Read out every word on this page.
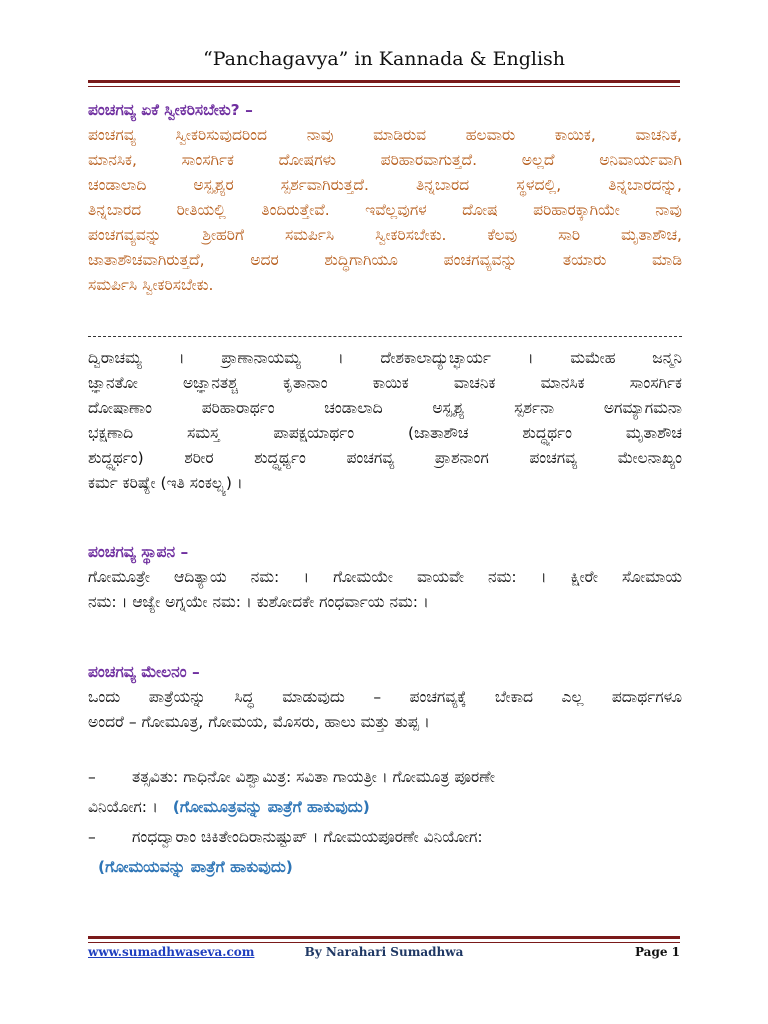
“Panchagavya” in Kannada & English
ಪಂಚಗವ್ಯ ಏಕೆ ಸ್ವೀಕರಿಸಬೇಕು? –
ಪಂಚಗವ್ಯ ಸ್ವೀಕರಿಸುವುದರಿಂದ ನಾವು ಮಾಡಿರುವ ಹಲವಾರು ಕಾಯಿಕ, ವಾಚನಿಕ,
ಮಾನಸಿಕ, ಸಾಂಸರ್ಗಿಕ ದೋಷಗಳು ಪರಿಹಾರವಾಗುತ್ತದೆ. ಅಲ್ಲದೆ ಅನಿವಾರ್ಯವಾಗಿ
ಚಂಡಾಲಾದಿ ಅಸ್ಪೃಶ್ಯರ ಸ್ಪರ್ಶವಾಗಿರುತ್ತದೆ. ತಿನ್ನಬಾರದ ಸ್ಥಳದಲ್ಲಿ, ತಿನ್ನಬಾರದನ್ನು,
ತಿನ್ನಬಾರದ ರೀತಿಯಲ್ಲಿ ತಿಂದಿರುತ್ತೇವೆ. ಇವೆಲ್ಲವುಗಳ ದೋಷ ಪರಿಹಾರಕ್ಕಾಗಿಯೇ ನಾವು
ಪಂಚಗವ್ಯವನ್ನು ಶ್ರೀಹರಿಗೆ ಸಮರ್ಪಿಸಿ ಸ್ವೀಕರಿಸಬೇಕು. ಕೆಲವು ಸಾರಿ ಮೃತಾಶೌಚ,
ಜಾತಾಶೌಚವಾಗಿರುತ್ತದೆ, ಅದರ ಶುದ್ಧಿಗಾಗಿಯೂ ಪಂಚಗವ್ಯವನ್ನು ತಯಾರು ಮಾಡಿ
ಸಮರ್ಪಿಸಿ ಸ್ವೀಕರಿಸಬೇಕು.
ದ್ವಿರಾಚಮ್ಯ । ಪ್ರಾಣಾನಾಯಮ್ಯ । ದೇಶಕಾಲಾದ್ಯುಚ್ಛಾರ್ಯ । ಮಮೇಹ ಜನ್ಮನಿ
ಜ್ಞಾನತೋ ಅಜ್ಞಾನತಶ್ಚ ಕೃತಾನಾಂ ಕಾಯಿಕ ವಾಚನಿಕ ಮಾನಸಿಕ ಸಾಂಸರ್ಗಿಕ
ದೋಷಾಣಾಂ ಪರಿಹಾರಾರ್ಥಂ ಚಂಡಾಲಾದಿ ಅಸ್ಪೃಶ್ಯ ಸ್ಪರ್ಶನಾ ಅಗಮ್ಯಾಗಮನಾ
ಭಕ್ಷಣಾದಿ ಸಮಸ್ತ ಪಾಪಕ್ಷಯಾರ್ಥಂ (ಜಾತಾಶೌಚ ಶುದ್ಧ್ಯರ್ಥಂ ಮೃತಾಶೌಚ
ಶುದ್ಧ್ಯರ್ಥಂ) ಶರೀರ ಶುದ್ಧ್ಯರ್ಥ್ಯಂ ಪಂಚಗವ್ಯ ಪ್ರಾಶನಾಂಗ ಪಂಚಗವ್ಯ ಮೇಲನಾಖ್ಯಂ
ಕರ್ಮ ಕರಿಷ್ಯೇ (ಇತಿ ಸಂಕಲ್ಪ್ಯ) ।
ಪಂಚಗವ್ಯ ಸ್ಥಾಪನ –
ಗೋಮೂತ್ರೇ ಆದಿತ್ಯಾಯ ನಮ: । ಗೋಮಯೇ ವಾಯವೇ ನಮ: । ಕ್ಷೀರೇ ಸೋಮಾಯ
ನಮ: । ಆಜ್ಯೇ ಅಗ್ನಯೇ ನಮ: । ಕುಶೋದಕೇ ಗಂಧರ್ವಾಯ ನಮ: ।
ಪಂಚಗವ್ಯ ಮೇಲನಂ –
ಒಂದು ಪಾತ್ರೆಯನ್ನು ಸಿದ್ಧ ಮಾಡುವುದು – ಪಂಚಗವ್ಯಕ್ಕೆ ಬೇಕಾದ ಎಲ್ಲ ಪದಾರ್ಥಗಳೂ
ಅಂದರೆ – ಗೋಮೂತ್ರ, ಗೋಮಯ, ಮೊಸರು, ಹಾಲು ಮತ್ತು ತುಪ್ಪ ।
– ತತ್ಸವಿತು: ಗಾಧಿನೋ ವಿಶ್ವಾಮಿತ್ರ: ಸವಿತಾ ಗಾಯತ್ರೀ । ಗೋಮೂತ್ರ ಪೂರಣೇ
ವಿನಿಯೋಗ: । (ಗೋಮೂತ್ರವನ್ನು ಪಾತ್ರೆಗೆ ಹಾಕುವುದು)
– ಗಂಧದ್ವಾರಾಂ ಚಿಕಿತೇಂದಿರಾನುಷ್ಟುಪ್ । ಗೋಮಯಪೂರಣೇ ವಿನಿಯೋಗ:
(ಗೋಮಯವನ್ನು ಪಾತ್ರೆಗೆ ಹಾಕುವುದು)
www.sumadhwaseva.com	By Narahari Sumadhwa	Page 1
